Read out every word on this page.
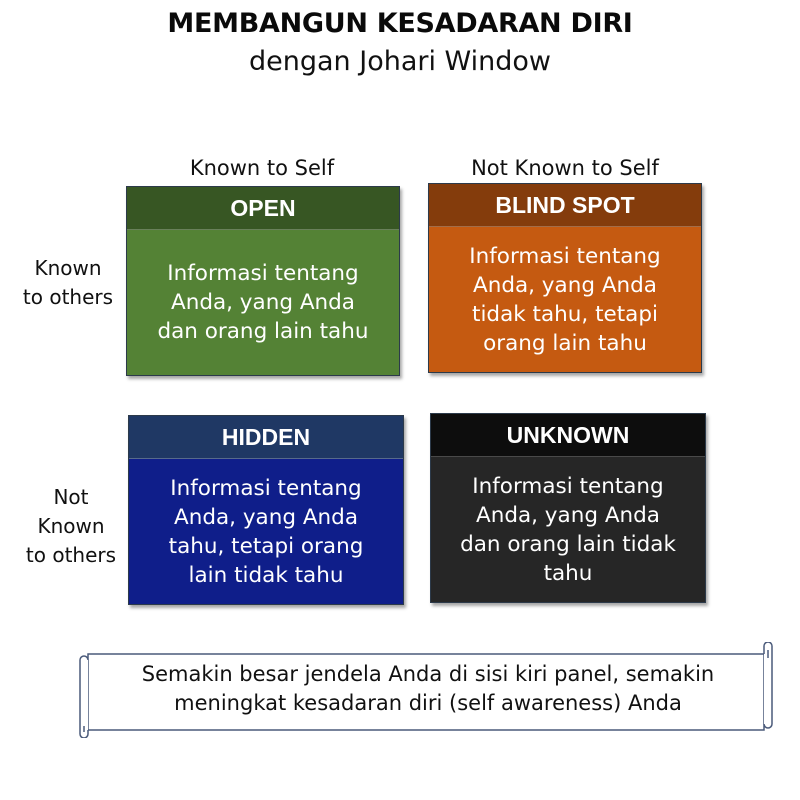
MEMBANGUN KESADARAN DIRI
dengan Johari Window
Known to Self	Not Known to Self
Known
to others
Not
Known
to others
OPEN
Informasi tentang
Anda, yang Anda
dan orang lain tahu
BLIND SPOT
Informasi tentang
Anda, yang Anda
tidak tahu, tetapi
orang lain tahu
HIDDEN
Informasi tentang
Anda, yang Anda
tahu, tetapi orang
lain tidak tahu
UNKNOWN
Informasi tentang
Anda, yang Anda
dan orang lain tidak
tahu
Semakin besar jendela Anda di sisi kiri panel, semakin
meningkat kesadaran diri (self awareness) Anda
